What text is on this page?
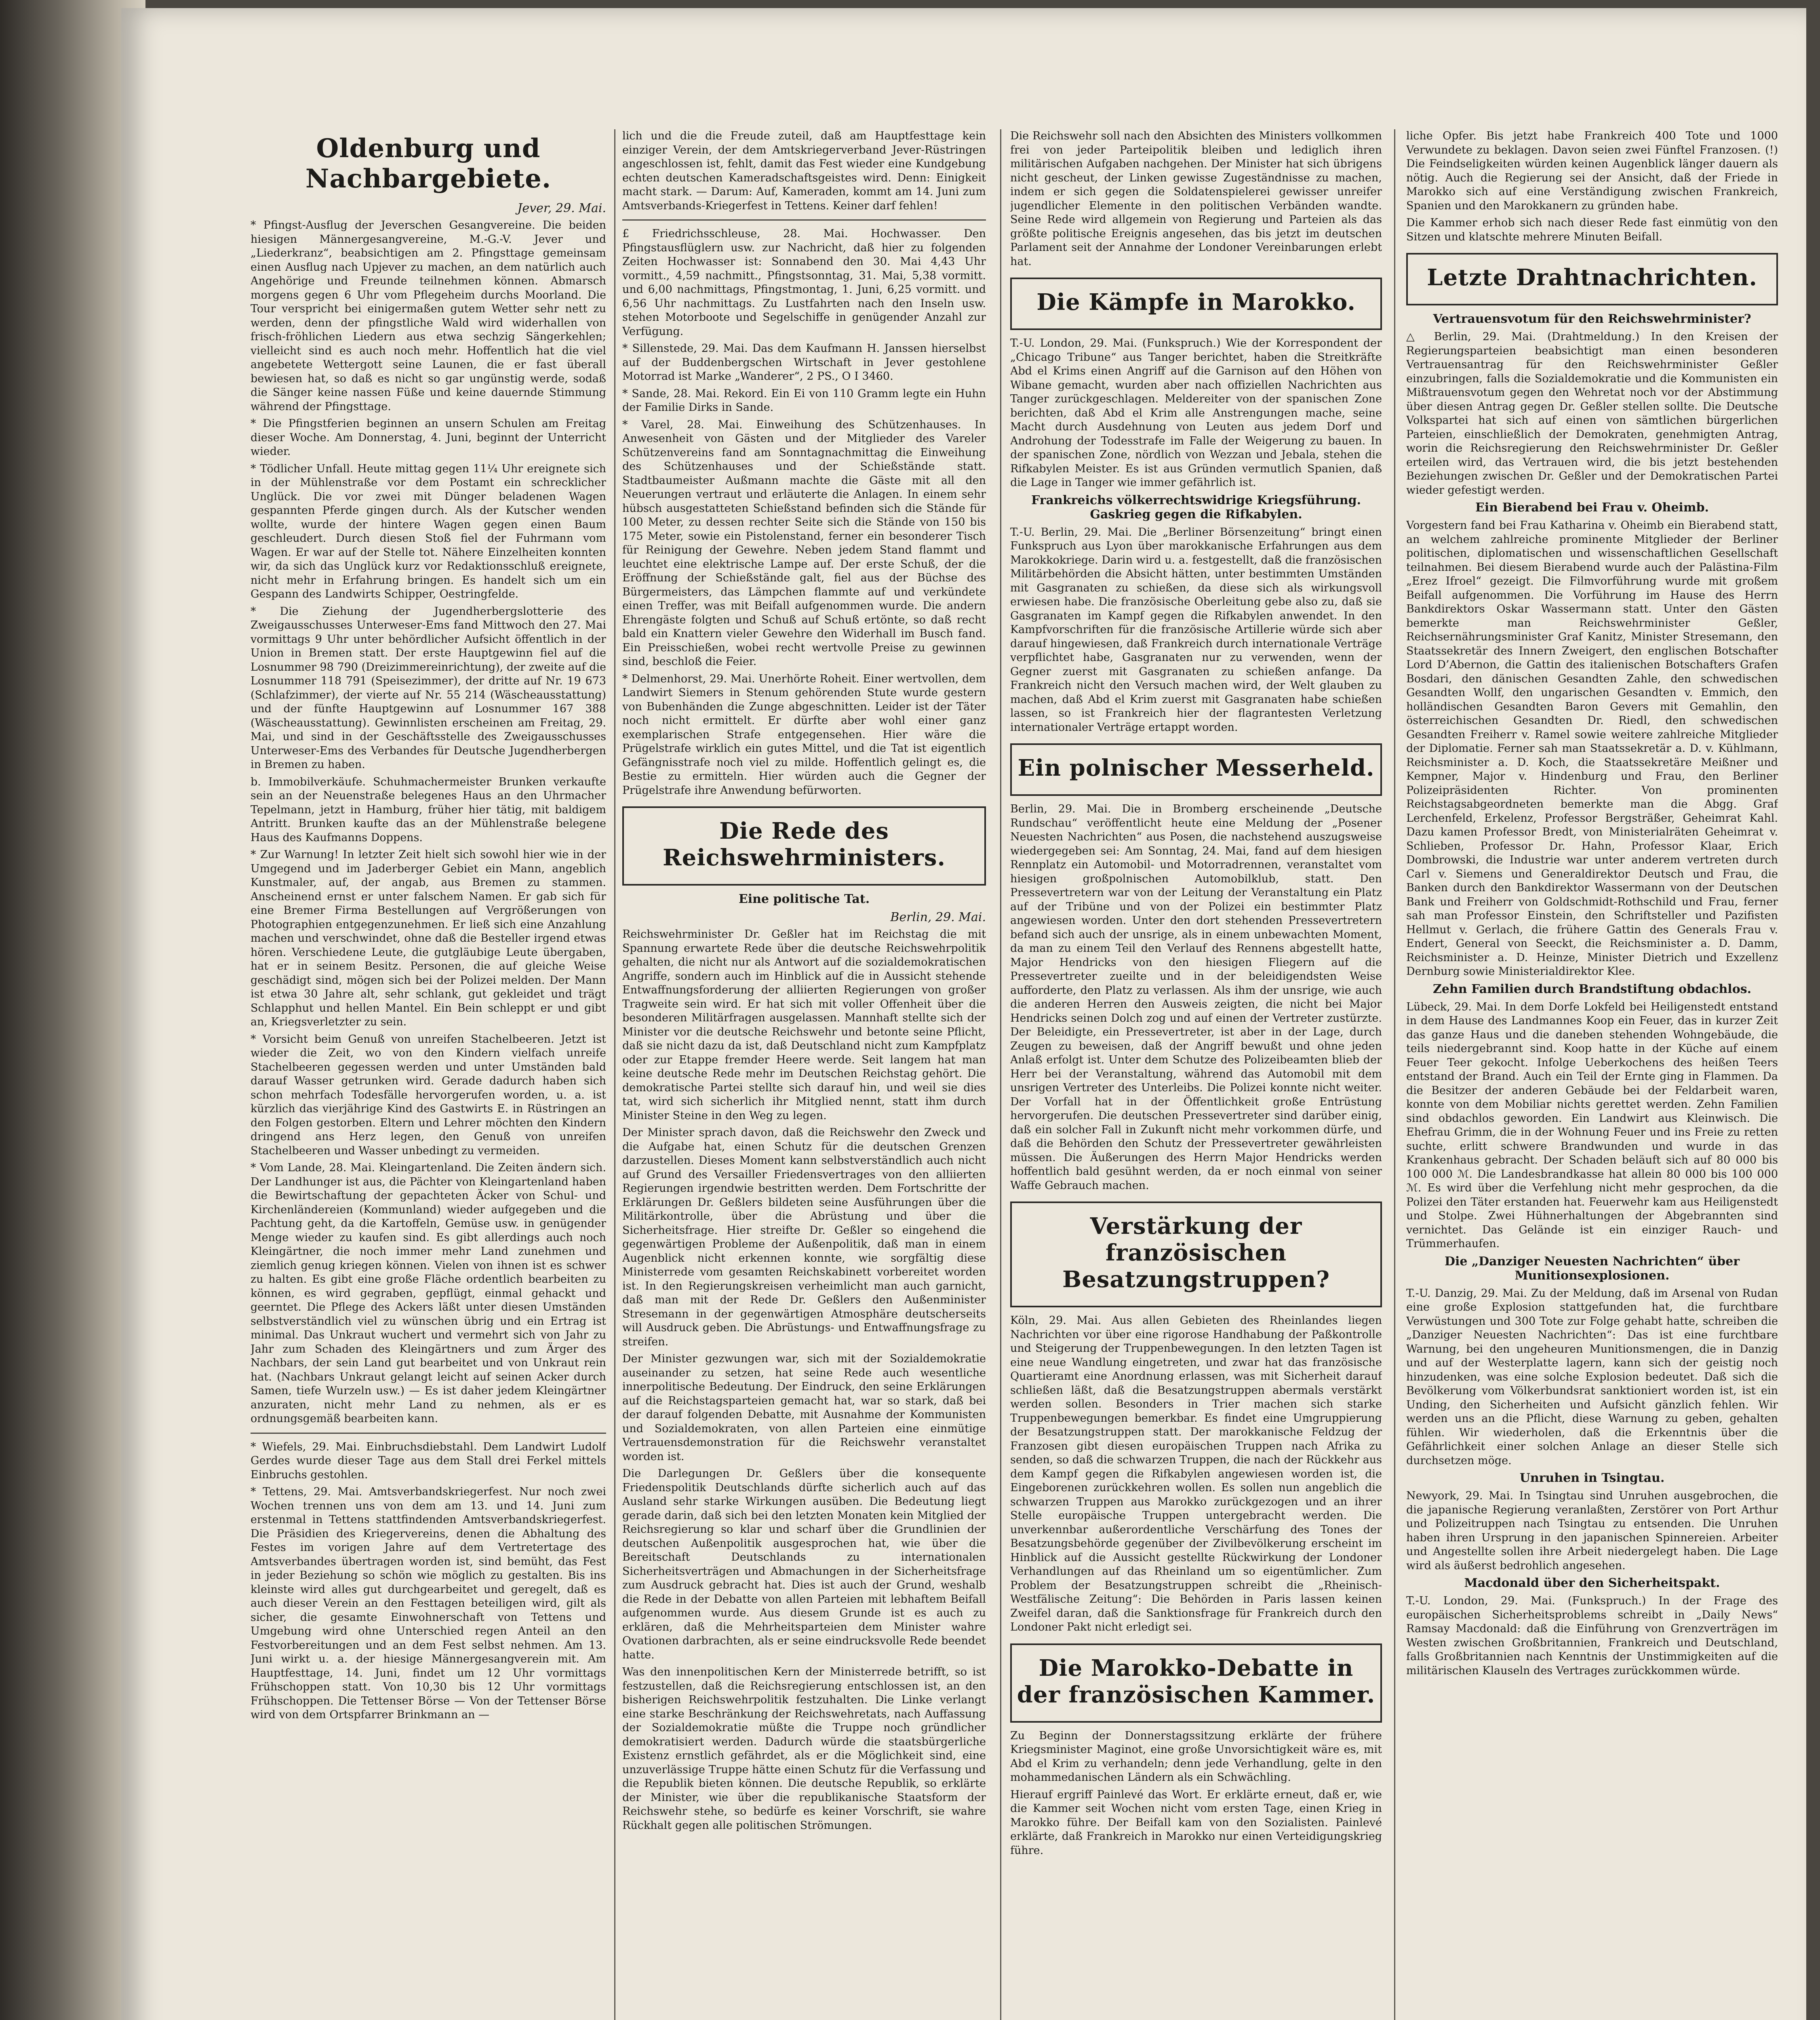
Oldenburg und Nachbargebiete.
Jever, 29. Mai.

* Pfingst-Ausflug der Jeverschen Gesangvereine. Die beiden hiesigen Männergesangvereine, M.-G.-V. Jever und „Liederkranz“, beabsichtigen am 2. Pfingsttage gemeinsam einen Ausflug nach Upjever zu machen, an dem natürlich auch Angehörige und Freunde teilnehmen können. Abmarsch morgens gegen 6 Uhr vom Pflegeheim durchs Moorland. Die Tour verspricht bei einigermaßen gutem Wetter sehr nett zu werden, denn der pfingstliche Wald wird widerhallen von frisch-fröhlichen Liedern aus etwa sechzig Sängerkehlen; vielleicht sind es auch noch mehr. Hoffentlich hat die viel angebetete Wettergott seine Launen, die er fast überall bewiesen hat, so daß es nicht so gar ungünstig werde, sodaß die Sänger keine nassen Füße und keine dauernde Stimmung während der Pfingsttage.

* Die Pfingstferien beginnen an unsern Schulen am Freitag dieser Woche. Am Donnerstag, 4. Juni, beginnt der Unterricht wieder.

* Tödlicher Unfall. Heute mittag gegen 11¼ Uhr ereignete sich in der Mühlenstraße vor dem Postamt ein schrecklicher Unglück. Die vor zwei mit Dünger beladenen Wagen gespannten Pferde gingen durch. Als der Kutscher wenden wollte, wurde der hintere Wagen gegen einen Baum geschleudert. Durch diesen Stoß fiel der Fuhrmann vom Wagen. Er war auf der Stelle tot. Nähere Einzelheiten konnten wir, da sich das Unglück kurz vor Redaktionsschluß ereignete, nicht mehr in Erfahrung bringen. Es handelt sich um ein Gespann des Landwirts Schipper, Oestringfelde.

* Die Ziehung der Jugendherbergslotterie des Zweigausschusses Unterweser-Ems fand Mittwoch den 27. Mai vormittags 9 Uhr unter behördlicher Aufsicht öffentlich in der Union in Bremen statt. Der erste Hauptgewinn fiel auf die Losnummer 98 790 (Dreizimmereinrichtung), der zweite auf die Losnummer 118 791 (Speisezimmer), der dritte auf Nr. 19 673 (Schlafzimmer), der vierte auf Nr. 55 214 (Wäscheausstattung) und der fünfte Hauptgewinn auf Losnummer 167 388 (Wäscheausstattung). Gewinnlisten erscheinen am Freitag, 29. Mai, und sind in der Geschäftsstelle des Zweigausschusses Unterweser-Ems des Verbandes für Deutsche Jugendherbergen in Bremen zu haben.

b. Immobilverkäufe. Schuhmachermeister Brunken verkaufte sein an der Neuenstraße belegenes Haus an den Uhrmacher Tepelmann, jetzt in Hamburg, früher hier tätig, mit baldigem Antritt. Brunken kaufte das an der Mühlenstraße belegene Haus des Kaufmanns Doppens.

* Zur Warnung! In letzter Zeit hielt sich sowohl hier wie in der Umgegend und im Jaderberger Gebiet ein Mann, angeblich Kunstmaler, auf, der angab, aus Bremen zu stammen. Anscheinend ernst er unter falschem Namen. Er gab sich für eine Bremer Firma Bestellungen auf Vergrößerungen von Photographien entgegenzunehmen. Er ließ sich eine Anzahlung machen und verschwindet, ohne daß die Besteller irgend etwas hören. Verschiedene Leute, die gutgläubige Leute übergaben, hat er in seinem Besitz. Personen, die auf gleiche Weise geschädigt sind, mögen sich bei der Polizei melden. Der Mann ist etwa 30 Jahre alt, sehr schlank, gut gekleidet und trägt Schlapphut und hellen Mantel. Ein Bein schleppt er und gibt an, Kriegsverletzter zu sein.

* Vorsicht beim Genuß von unreifen Stachelbeeren. Jetzt ist wieder die Zeit, wo von den Kindern vielfach unreife Stachelbeeren gegessen werden und unter Umständen bald darauf Wasser getrunken wird. Gerade dadurch haben sich schon mehrfach Todesfälle hervorgerufen worden, u. a. ist kürzlich das vierjährige Kind des Gastwirts E. in Rüstringen an den Folgen gestorben. Eltern und Lehrer möchten den Kindern dringend ans Herz legen, den Genuß von unreifen Stachelbeeren und Wasser unbedingt zu vermeiden.

* Vom Lande, 28. Mai. Kleingartenland. Die Zeiten ändern sich. Der Landhunger ist aus, die Pächter von Kleingartenland haben die Bewirtschaftung der gepachteten Äcker von Schul- und Kirchenländereien (Kommunland) wieder aufgegeben und die Pachtung geht, da die Kartoffeln, Gemüse usw. in genügender Menge wieder zu kaufen sind. Es gibt allerdings auch noch Kleingärtner, die noch immer mehr Land zunehmen und ziemlich genug kriegen können. Vielen von ihnen ist es schwer zu halten. Es gibt eine große Fläche ordentlich bearbeiten zu können, es wird gegraben, gepflügt, einmal gehackt und geerntet. Die Pflege des Ackers läßt unter diesen Umständen selbstverständlich viel zu wünschen übrig und ein Ertrag ist minimal. Das Unkraut wuchert und vermehrt sich von Jahr zu Jahr zum Schaden des Kleingärtners und zum Ärger des Nachbars, der sein Land gut bearbeitet und von Unkraut rein hat. (Nachbars Unkraut gelangt leicht auf seinen Acker durch Samen, tiefe Wurzeln usw.) — Es ist daher jedem Kleingärtner anzuraten, nicht mehr Land zu nehmen, als er es ordnungsgemäß bearbeiten kann.

* Wiefels, 29. Mai. Einbruchsdiebstahl. Dem Landwirt Ludolf Gerdes wurde dieser Tage aus dem Stall drei Ferkel mittels Einbruchs gestohlen.

* Tettens, 29. Mai. Amtsverbandskriegerfest. Nur noch zwei Wochen trennen uns von dem am 13. und 14. Juni zum erstenmal in Tettens stattfindenden Amtsverbandskriegerfest. Die Präsidien des Kriegervereins, denen die Abhaltung des Festes im vorigen Jahre auf dem Vertretertage des Amtsverbandes übertragen worden ist, sind bemüht, das Fest in jeder Beziehung so schön wie möglich zu gestalten. Bis ins kleinste wird alles gut durchgearbeitet und geregelt, daß es auch dieser Verein an den Festtagen beteiligen wird, gilt als sicher, die gesamte Einwohnerschaft von Tettens und Umgebung wird ohne Unterschied regen Anteil an den Festvorbereitungen und an dem Fest selbst nehmen. Am 13. Juni wirkt u. a. der hiesige Männergesangverein mit. Am Hauptfesttage, 14. Juni, findet um 12 Uhr vormittags Frühschoppen statt. Von 10,30 bis 12 Uhr vormittags Frühschoppen. Die Tettenser Börse — Von der Tettenser Börse wird von dem Ortspfarrer Brinkmann an —

lich und die die Freude zuteil, daß am Hauptfesttage kein einziger Verein, der dem Amtskriegerverband Jever-Rüstringen angeschlossen ist, fehlt, damit das Fest wieder eine Kundgebung echten deutschen Kameradschaftsgeistes wird. Denn: Einigkeit macht stark. — Darum: Auf, Kameraden, kommt am 14. Juni zum Amtsverbands-Kriegerfest in Tettens. Keiner darf fehlen!

£ Friedrichsschleuse, 28. Mai. Hochwasser. Den Pfingstausflüglern usw. zur Nachricht, daß hier zu folgenden Zeiten Hochwasser ist: Sonnabend den 30. Mai 4,43 Uhr vormitt., 4,59 nachmitt., Pfingstsonntag, 31. Mai, 5,38 vormitt. und 6,00 nachmittags, Pfingstmontag, 1. Juni, 6,25 vormitt. und 6,56 Uhr nachmittags. Zu Lustfahrten nach den Inseln usw. stehen Motorboote und Segelschiffe in genügender Anzahl zur Verfügung.

* Sillenstede, 29. Mai. Das dem Kaufmann H. Janssen hierselbst auf der Buddenbergschen Wirtschaft in Jever gestohlene Motorrad ist Marke „Wanderer“, 2 PS., O I 3460.

* Sande, 28. Mai. Rekord. Ein Ei von 110 Gramm legte ein Huhn der Familie Dirks in Sande.

* Varel, 28. Mai. Einweihung des Schützenhauses. In Anwesenheit von Gästen und der Mitglieder des Vareler Schützenvereins fand am Sonntagnachmittag die Einweihung des Schützenhauses und der Schießstände statt. Stadtbaumeister Außmann machte die Gäste mit all den Neuerungen vertraut und erläuterte die Anlagen. In einem sehr hübsch ausgestatteten Schießstand befinden sich die Stände für 100 Meter, zu dessen rechter Seite sich die Stände von 150 bis 175 Meter, sowie ein Pistolenstand, ferner ein besonderer Tisch für Reinigung der Gewehre. Neben jedem Stand flammt und leuchtet eine elektrische Lampe auf. Der erste Schuß, der die Eröffnung der Schießstände galt, fiel aus der Büchse des Bürgermeisters, das Lämpchen flammte auf und verkündete einen Treffer, was mit Beifall aufgenommen wurde. Die andern Ehrengäste folgten und Schuß auf Schuß ertönte, so daß recht bald ein Knattern vieler Gewehre den Widerhall im Busch fand. Ein Preisschießen, wobei recht wertvolle Preise zu gewinnen sind, beschloß die Feier.

* Delmenhorst, 29. Mai. Unerhörte Roheit. Einer wertvollen, dem Landwirt Siemers in Stenum gehörenden Stute wurde gestern von Bubenhänden die Zunge abgeschnitten. Leider ist der Täter noch nicht ermittelt. Er dürfte aber wohl einer ganz exemplarischen Strafe entgegensehen. Hier wäre die Prügelstrafe wirklich ein gutes Mittel, und die Tat ist eigentlich Gefängnisstrafe noch viel zu milde. Hoffentlich gelingt es, die Bestie zu ermitteln. Hier würden auch die Gegner der Prügelstrafe ihre Anwendung befürworten.

Die Rede des Reichswehrministers.
Eine politische Tat.
Berlin, 29. Mai.

Reichswehrminister Dr. Geßler hat im Reichstag die mit Spannung erwartete Rede über die deutsche Reichswehrpolitik gehalten, die nicht nur als Antwort auf die sozialdemokratischen Angriffe, sondern auch im Hinblick auf die in Aussicht stehende Entwaffnungsforderung der alliierten Regierungen von großer Tragweite sein wird. Er hat sich mit voller Offenheit über die besonderen Militärfragen ausgelassen. Mannhaft stellte sich der Minister vor die deutsche Reichswehr und betonte seine Pflicht, daß sie nicht dazu da ist, daß Deutschland nicht zum Kampfplatz oder zur Etappe fremder Heere werde. Seit langem hat man keine deutsche Rede mehr im Deutschen Reichstag gehört. Die demokratische Partei stellte sich darauf hin, und weil sie dies tat, wird sich sicherlich ihr Mitglied nennt, statt ihm durch Minister Steine in den Weg zu legen.

Der Minister sprach davon, daß die Reichswehr den Zweck und die Aufgabe hat, einen Schutz für die deutschen Grenzen darzustellen. Dieses Moment kann selbstverständlich auch nicht auf Grund des Versailler Friedensvertrages von den alliierten Regierungen irgendwie bestritten werden. Dem Fortschritte der Erklärungen Dr. Geßlers bildeten seine Ausführungen über die Militärkontrolle, über die Abrüstung und über die Sicherheitsfrage. Hier streifte Dr. Geßler so eingehend die gegenwärtigen Probleme der Außenpolitik, daß man in einem Augenblick nicht erkennen konnte, wie sorgfältig diese Ministerrede vom gesamten Reichskabinett vorbereitet worden ist. In den Regierungskreisen verheimlicht man auch garnicht, daß man mit der Rede Dr. Geßlers den Außenminister Stresemann in der gegenwärtigen Atmosphäre deutscherseits will Ausdruck geben. Die Abrüstungs- und Entwaffnungsfrage zu streifen.

Der Minister gezwungen war, sich mit der Sozialdemokratie auseinander zu setzen, hat seine Rede auch wesentliche innerpolitische Bedeutung. Der Eindruck, den seine Erklärungen auf die Reichstagsparteien gemacht hat, war so stark, daß bei der darauf folgenden Debatte, mit Ausnahme der Kommunisten und Sozialdemokraten, von allen Parteien eine einmütige Vertrauensdemonstration für die Reichswehr veranstaltet worden ist.

Die Darlegungen Dr. Geßlers über die konsequente Friedenspolitik Deutschlands dürfte sicherlich auch auf das Ausland sehr starke Wirkungen ausüben. Die Bedeutung liegt gerade darin, daß sich bei den letzten Monaten kein Mitglied der Reichsregierung so klar und scharf über die Grundlinien der deutschen Außenpolitik ausgesprochen hat, wie über die Bereitschaft Deutschlands zu internationalen Sicherheitsverträgen und Abmachungen in der Sicherheitsfrage zum Ausdruck gebracht hat. Dies ist auch der Grund, weshalb die Rede in der Debatte von allen Parteien mit lebhaftem Beifall aufgenommen wurde. Aus diesem Grunde ist es auch zu erklären, daß die Mehrheitsparteien dem Minister wahre Ovationen darbrachten, als er seine eindrucksvolle Rede beendet hatte.

Was den innenpolitischen Kern der Ministerrede betrifft, so ist festzustellen, daß die Reichsregierung entschlossen ist, an den bisherigen Reichswehrpolitik festzuhalten. Die Linke verlangt eine starke Beschränkung der Reichswehretats, nach Auffassung der Sozialdemokratie müßte die Truppe noch gründlicher demokratisiert werden. Dadurch würde die staatsbürgerliche Existenz ernstlich gefährdet, als er die Möglichkeit sind, eine unzuverlässige Truppe hätte einen Schutz für die Verfassung und die Republik bieten können. Die deutsche Republik, so erklärte der Minister, wie über die republikanische Staatsform der Reichswehr stehe, so bedürfe es keiner Vorschrift, sie wahre Rückhalt gegen alle politischen Strömungen.

Die Reichswehr soll nach den Absichten des Ministers vollkommen frei von jeder Parteipolitik bleiben und lediglich ihren militärischen Aufgaben nachgehen. Der Minister hat sich übrigens nicht gescheut, der Linken gewisse Zugeständnisse zu machen, indem er sich gegen die Soldatenspielerei gewisser unreifer jugendlicher Elemente in den politischen Verbänden wandte. Seine Rede wird allgemein von Regierung und Parteien als das größte politische Ereignis angesehen, das bis jetzt im deutschen Parlament seit der Annahme der Londoner Vereinbarungen erlebt hat.

Die Kämpfe in Marokko.

T.-U. London, 29. Mai. (Funkspruch.) Wie der Korrespondent der „Chicago Tribune“ aus Tanger berichtet, haben die Streitkräfte Abd el Krims einen Angriff auf die Garnison auf den Höhen von Wibane gemacht, wurden aber nach offiziellen Nachrichten aus Tanger zurückgeschlagen. Meldereiter von der spanischen Zone berichten, daß Abd el Krim alle Anstrengungen mache, seine Macht durch Ausdehnung von Leuten aus jedem Dorf und Androhung der Todesstrafe im Falle der Weigerung zu bauen. In der spanischen Zone, nördlich von Wezzan und Jebala, stehen die Rifkabylen Meister. Es ist aus Gründen vermutlich Spanien, daß die Lage in Tanger wie immer gefährlich ist.

Frankreichs völkerrechtswidrige Kriegsführung. Gaskrieg gegen die Rifkabylen.

T.-U. Berlin, 29. Mai. Die „Berliner Börsenzeitung“ bringt einen Funkspruch aus Lyon über marokkanische Erfahrungen aus dem Marokkokriege. Darin wird u. a. festgestellt, daß die französischen Militärbehörden die Absicht hätten, unter bestimmten Umständen mit Gasgranaten zu schießen, da diese sich als wirkungsvoll erwiesen habe. Die französische Oberleitung gebe also zu, daß sie Gasgranaten im Kampf gegen die Rifkabylen anwendet. In den Kampfvorschriften für die französische Artillerie würde sich aber darauf hingewiesen, daß Frankreich durch internationale Verträge verpflichtet habe, Gasgranaten nur zu verwenden, wenn der Gegner zuerst mit Gasgranaten zu schießen anfange. Da Frankreich nicht den Versuch machen wird, der Welt glauben zu machen, daß Abd el Krim zuerst mit Gasgranaten habe schießen lassen, so ist Frankreich hier der flagrantesten Verletzung internationaler Verträge ertappt worden.

Ein polnischer Messerheld.

Berlin, 29. Mai. Die in Bromberg erscheinende „Deutsche Rundschau“ veröffentlicht heute eine Meldung der „Posener Neuesten Nachrichten“ aus Posen, die nachstehend auszugsweise wiedergegeben sei: Am Sonntag, 24. Mai, fand auf dem hiesigen Rennplatz ein Automobil- und Motorradrennen, veranstaltet vom hiesigen großpolnischen Automobilklub, statt. Den Pressevertretern war von der Leitung der Veranstaltung ein Platz auf der Tribüne und von der Polizei ein bestimmter Platz angewiesen worden. Unter den dort stehenden Pressevertretern befand sich auch der unsrige, als in einem unbewachten Moment, da man zu einem Teil den Verlauf des Rennens abgestellt hatte, Major Hendricks von den hiesigen Fliegern auf die Pressevertreter zueilte und in der beleidigendsten Weise aufforderte, den Platz zu verlassen. Als ihm der unsrige, wie auch die anderen Herren den Ausweis zeigten, die nicht bei Major Hendricks seinen Dolch zog und auf einen der Vertreter zustürzte. Der Beleidigte, ein Pressevertreter, ist aber in der Lage, durch Zeugen zu beweisen, daß der Angriff bewußt und ohne jeden Anlaß erfolgt ist. Unter dem Schutze des Polizeibeamten blieb der Herr bei der Veranstaltung, während das Automobil mit dem unsrigen Vertreter des Unterleibs. Die Polizei konnte nicht weiter. Der Vorfall hat in der Öffentlichkeit große Entrüstung hervorgerufen. Die deutschen Pressevertreter sind darüber einig, daß ein solcher Fall in Zukunft nicht mehr vorkommen dürfe, und daß die Behörden den Schutz der Pressevertreter gewährleisten müssen. Die Äußerungen des Herrn Major Hendricks werden hoffentlich bald gesühnt werden, da er noch einmal von seiner Waffe Gebrauch machen.

Verstärkung der französischen Besatzungstruppen?

Köln, 29. Mai. Aus allen Gebieten des Rheinlandes liegen Nachrichten vor über eine rigorose Handhabung der Paßkontrolle und Steigerung der Truppenbewegungen. In den letzten Tagen ist eine neue Wandlung eingetreten, und zwar hat das französische Quartieramt eine Anordnung erlassen, was mit Sicherheit darauf schließen läßt, daß die Besatzungstruppen abermals verstärkt werden sollen. Besonders in Trier machen sich starke Truppenbewegungen bemerkbar. Es findet eine Umgruppierung der Besatzungstruppen statt. Der marokkanische Feldzug der Franzosen gibt diesen europäischen Truppen nach Afrika zu senden, so daß die schwarzen Truppen, die nach der Rückkehr aus dem Kampf gegen die Rifkabylen angewiesen worden ist, die Eingeborenen zurückkehren wollen. Es sollen nun angeblich die schwarzen Truppen aus Marokko zurückgezogen und an ihrer Stelle europäische Truppen untergebracht werden. Die unverkennbar außerordentliche Verschärfung des Tones der Besatzungsbehörde gegenüber der Zivilbevölkerung erscheint im Hinblick auf die Aussicht gestellte Rückwirkung der Londoner Verhandlungen auf das Rheinland um so eigentümlicher. Zum Problem der Besatzungstruppen schreibt die „Rheinisch-Westfälische Zeitung“: Die Behörden in Paris lassen keinen Zweifel daran, daß die Sanktionsfrage für Frankreich durch den Londoner Pakt nicht erledigt sei.

Die Marokko-Debatte in der französischen Kammer.

Zu Beginn der Donnerstagssitzung erklärte der frühere Kriegsminister Maginot, eine große Unvorsichtigkeit wäre es, mit Abd el Krim zu verhandeln; denn jede Verhandlung, gelte in den mohammedanischen Ländern als ein Schwächling.

Hierauf ergriff Painlevé das Wort. Er erklärte erneut, daß er, wie die Kammer seit Wochen nicht vom ersten Tage, einen Krieg in Marokko führe. Der Beifall kam von den Sozialisten. Painlevé erklärte, daß Frankreich in Marokko nur einen Verteidigungskrieg führe.

liche Opfer. Bis jetzt habe Frankreich 400 Tote und 1000 Verwundete zu beklagen. Davon seien zwei Fünftel Franzosen. (!) Die Feindseligkeiten würden keinen Augenblick länger dauern als nötig. Auch die Regierung sei der Ansicht, daß der Friede in Marokko sich auf eine Verständigung zwischen Frankreich, Spanien und den Marokkanern zu gründen habe.

Die Kammer erhob sich nach dieser Rede fast einmütig von den Sitzen und klatschte mehrere Minuten Beifall.

Letzte Drahtnachrichten.
Vertrauensvotum für den Reichswehrminister?

△ Berlin, 29. Mai. (Drahtmeldung.) In den Kreisen der Regierungsparteien beabsichtigt man einen besonderen Vertrauensantrag für den Reichswehrminister Geßler einzubringen, falls die Sozialdemokratie und die Kommunisten ein Mißtrauensvotum gegen den Wehretat noch vor der Abstimmung über diesen Antrag gegen Dr. Geßler stellen sollte. Die Deutsche Volkspartei hat sich auf einen von sämtlichen bürgerlichen Parteien, einschließlich der Demokraten, genehmigten Antrag, worin die Reichsregierung den Reichswehrminister Dr. Geßler erteilen wird, das Vertrauen wird, die bis jetzt bestehenden Beziehungen zwischen Dr. Geßler und der Demokratischen Partei wieder gefestigt werden.

Ein Bierabend bei Frau v. Oheimb.

Vorgestern fand bei Frau Katharina v. Oheimb ein Bierabend statt, an welchem zahlreiche prominente Mitglieder der Berliner politischen, diplomatischen und wissenschaftlichen Gesellschaft teilnahmen. Bei diesem Bierabend wurde auch der Palästina-Film „Erez Ifroel“ gezeigt. Die Filmvorführung wurde mit großem Beifall aufgenommen. Die Vorführung im Hause des Herrn Bankdirektors Oskar Wassermann statt. Unter den Gästen bemerkte man Reichswehrminister Geßler, Reichsernährungsminister Graf Kanitz, Minister Stresemann, den Staatssekretär des Innern Zweigert, den englischen Botschafter Lord D’Abernon, die Gattin des italienischen Botschafters Grafen Bosdari, den dänischen Gesandten Zahle, den schwedischen Gesandten Wollf, den ungarischen Gesandten v. Emmich, den holländischen Gesandten Baron Gevers mit Gemahlin, den österreichischen Gesandten Dr. Riedl, den schwedischen Gesandten Freiherr v. Ramel sowie weitere zahlreiche Mitglieder der Diplomatie. Ferner sah man Staatssekretär a. D. v. Kühlmann, Reichsminister a. D. Koch, die Staatssekretäre Meißner und Kempner, Major v. Hindenburg und Frau, den Berliner Polizeipräsidenten Richter. Von prominenten Reichstagsabgeordneten bemerkte man die Abgg. Graf Lerchenfeld, Erkelenz, Professor Bergsträßer, Geheimrat Kahl. Dazu kamen Professor Bredt, von Ministerialräten Geheimrat v. Schlieben, Professor Dr. Hahn, Professor Klaar, Erich Dombrowski, die Industrie war unter anderem vertreten durch Carl v. Siemens und Generaldirektor Deutsch und Frau, die Banken durch den Bankdirektor Wassermann von der Deutschen Bank und Freiherr von Goldschmidt-Rothschild und Frau, ferner sah man Professor Einstein, den Schriftsteller und Pazifisten Hellmut v. Gerlach, die frühere Gattin des Generals Frau v. Endert, General von Seeckt, die Reichsminister a. D. Damm, Reichsminister a. D. Heinze, Minister Dietrich und Exzellenz Dernburg sowie Ministerialdirektor Klee.

Zehn Familien durch Brandstiftung obdachlos.

Lübeck, 29. Mai. In dem Dorfe Lokfeld bei Heiligenstedt entstand in dem Hause des Landmannes Koop ein Feuer, das in kurzer Zeit das ganze Haus und die daneben stehenden Wohngebäude, die teils niedergebrannt sind. Koop hatte in der Küche auf einem Feuer Teer gekocht. Infolge Ueberkochens des heißen Teers entstand der Brand. Auch ein Teil der Ernte ging in Flammen. Da die Besitzer der anderen Gebäude bei der Feldarbeit waren, konnte von dem Mobiliar nichts gerettet werden. Zehn Familien sind obdachlos geworden. Ein Landwirt aus Kleinwisch. Die Ehefrau Grimm, die in der Wohnung Feuer und ins Freie zu retten suchte, erlitt schwere Brandwunden und wurde in das Krankenhaus gebracht. Der Schaden beläuft sich auf 80 000 bis 100 000 ℳ. Die Landesbrandkasse hat allein 80 000 bis 100 000 ℳ. Es wird über die Verfehlung nicht mehr gesprochen, da die Polizei den Täter erstanden hat. Feuerwehr kam aus Heiligenstedt und Stolpe. Zwei Hühnerhaltungen der Abgebrannten sind vernichtet. Das Gelände ist ein einziger Rauch- und Trümmerhaufen.

Die „Danziger Neuesten Nachrichten“ über Munitionsexplosionen.

T.-U. Danzig, 29. Mai. Zu der Meldung, daß im Arsenal von Rudan eine große Explosion stattgefunden hat, die furchtbare Verwüstungen und 300 Tote zur Folge gehabt hatte, schreiben die „Danziger Neuesten Nachrichten“: Das ist eine furchtbare Warnung, bei den ungeheuren Munitionsmengen, die in Danzig und auf der Westerplatte lagern, kann sich der geistig noch hinzudenken, was eine solche Explosion bedeutet. Daß sich die Bevölkerung vom Völkerbundsrat sanktioniert worden ist, ist ein Unding, den Sicherheiten und Aufsicht gänzlich fehlen. Wir werden uns an die Pflicht, diese Warnung zu geben, gehalten fühlen. Wir wiederholen, daß die Erkenntnis über die Gefährlichkeit einer solchen Anlage an dieser Stelle sich durchsetzen möge.

Unruhen in Tsingtau.

Newyork, 29. Mai. In Tsingtau sind Unruhen ausgebrochen, die die japanische Regierung veranlaßten, Zerstörer von Port Arthur und Polizeitruppen nach Tsingtau zu entsenden. Die Unruhen haben ihren Ursprung in den japanischen Spinnereien. Arbeiter und Angestellte sollen ihre Arbeit niedergelegt haben. Die Lage wird als äußerst bedrohlich angesehen.

Macdonald über den Sicherheitspakt.

T.-U. London, 29. Mai. (Funkspruch.) In der Frage des europäischen Sicherheitsproblems schreibt in „Daily News“ Ramsay Macdonald: daß die Einführung von Grenzverträgen im Westen zwischen Großbritannien, Frankreich und Deutschland, falls Großbritannien nach Kenntnis der Unstimmigkeiten auf die militärischen Klauseln des Vertrages zurückkommen würde.
